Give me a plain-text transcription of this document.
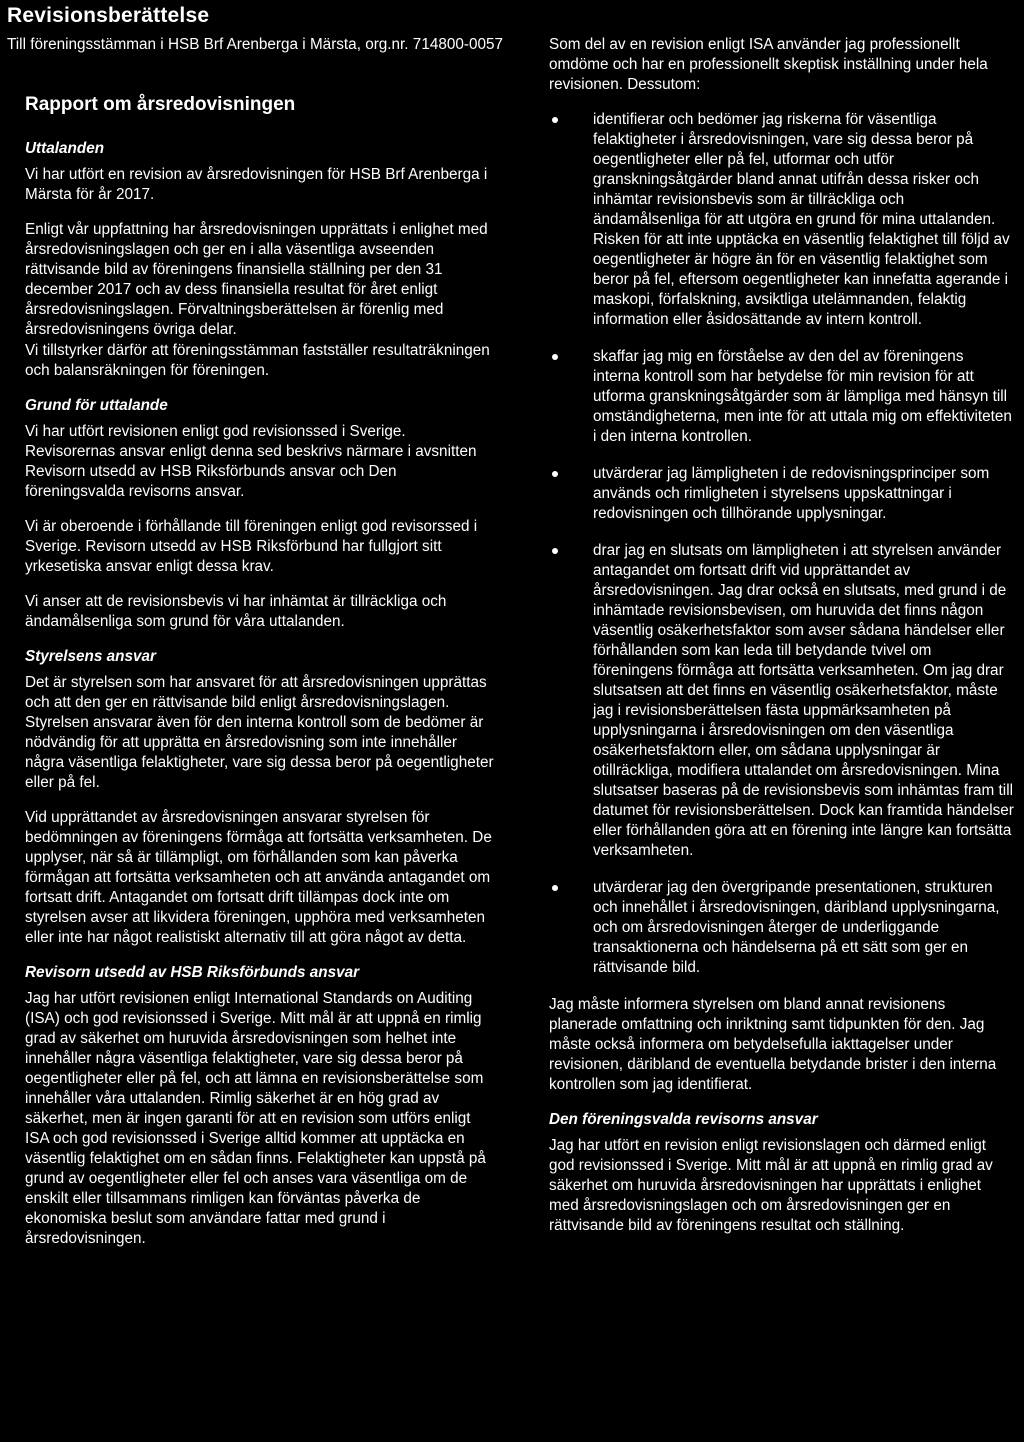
Revisionsberättelse
Till föreningsstämman i HSB Brf Arenberga i Märsta, org.nr. 714800-0057
Rapport om årsredovisningen
Uttalanden

Vi har utfört en revision av årsredovisningen för HSB Brf Arenberga i Märsta för år 2017.

Enligt vår uppfattning har årsredovisningen upprättats i enlighet med årsredovisningslagen och ger en i alla väsentliga avseenden rättvisande bild av föreningens finansiella ställning per den 31 december 2017 och av dess finansiella resultat för året enligt årsredovisningslagen. Förvaltningsberättelsen är förenlig med årsredovisningens övriga delar.

Vi tillstyrker därför att föreningsstämman fastställer resultaträkningen och balansräkningen för föreningen.

Grund för uttalande

Vi har utfört revisionen enligt god revisionssed i Sverige. Revisorernas ansvar enligt denna sed beskrivs närmare i avsnitten Revisorn utsedd av HSB Riksförbunds ansvar och Den föreningsvalda revisorns ansvar.

Vi är oberoende i förhållande till föreningen enligt god revisorssed i Sverige. Revisorn utsedd av HSB Riksförbund har fullgjort sitt yrkesetiska ansvar enligt dessa krav.

Vi anser att de revisionsbevis vi har inhämtat är tillräckliga och ändamålsenliga som grund för våra uttalanden.

Styrelsens ansvar

Det är styrelsen som har ansvaret för att årsredovisningen upprättas och att den ger en rättvisande bild enligt årsredovisningslagen. Styrelsen ansvarar även för den interna kontroll som de bedömer är nödvändig för att upprätta en årsredovisning som inte innehåller några väsentliga felaktigheter, vare sig dessa beror på oegentligheter eller på fel.

Vid upprättandet av årsredovisningen ansvarar styrelsen för bedömningen av föreningens förmåga att fortsätta verksamheten. De upplyser, när så är tillämpligt, om förhållanden som kan påverka förmågan att fortsätta verksamheten och att använda antagandet om fortsatt drift. Antagandet om fortsatt drift tillämpas dock inte om styrelsen avser att likvidera föreningen, upphöra med verksamheten eller inte har något realistiskt alternativ till att göra något av detta.

Revisorn utsedd av HSB Riksförbunds ansvar

Jag har utfört revisionen enligt International Standards on Auditing (ISA) och god revisionssed i Sverige. Mitt mål är att uppnå en rimlig grad av säkerhet om huruvida årsredovisningen som helhet inte innehåller några väsentliga felaktigheter, vare sig dessa beror på oegentligheter eller på fel, och att lämna en revisionsberättelse som innehåller våra uttalanden. Rimlig säkerhet är en hög grad av säkerhet, men är ingen garanti för att en revision som utförs enligt ISA och god revisionssed i Sverige alltid kommer att upptäcka en väsentlig felaktighet om en sådan finns. Felaktigheter kan uppstå på grund av oegentligheter eller fel och anses vara väsentliga om de enskilt eller tillsammans rimligen kan förväntas påverka de ekonomiska beslut som användare fattar med grund i årsredovisningen.

Som del av en revision enligt ISA använder jag professionellt omdöme och har en professionellt skeptisk inställning under hela revisionen. Dessutom:

identifierar och bedömer jag riskerna för väsentliga felaktigheter i årsredovisningen, vare sig dessa beror på oegentligheter eller på fel, utformar och utför granskningsåtgärder bland annat utifrån dessa risker och inhämtar revisionsbevis som är tillräckliga och ändamålsenliga för att utgöra en grund för mina uttalanden. Risken för att inte upptäcka en väsentlig felaktighet till följd av oegentligheter är högre än för en väsentlig felaktighet som beror på fel, eftersom oegentligheter kan innefatta agerande i maskopi, förfalskning, avsiktliga utelämnanden, felaktig information eller åsidosättande av intern kontroll.
skaffar jag mig en förståelse av den del av föreningens interna kontroll som har betydelse för min revision för att utforma granskningsåtgärder som är lämpliga med hänsyn till omständigheterna, men inte för att uttala mig om effektiviteten i den interna kontrollen.
utvärderar jag lämpligheten i de redovisningsprinciper som används och rimligheten i styrelsens uppskattningar i redovisningen och tillhörande upplysningar.
drar jag en slutsats om lämpligheten i att styrelsen använder antagandet om fortsatt drift vid upprättandet av årsredovisningen. Jag drar också en slutsats, med grund i de inhämtade revisionsbevisen, om huruvida det finns någon väsentlig osäkerhetsfaktor som avser sådana händelser eller förhållanden som kan leda till betydande tvivel om föreningens förmåga att fortsätta verksamheten. Om jag drar slutsatsen att det finns en väsentlig osäkerhetsfaktor, måste jag i revisionsberättelsen fästa uppmärksamheten på upplysningarna i årsredovisningen om den väsentliga osäkerhetsfaktorn eller, om sådana upplysningar är otillräckliga, modifiera uttalandet om årsredovisningen. Mina slutsatser baseras på de revisionsbevis som inhämtas fram till datumet för revisionsberättelsen. Dock kan framtida händelser eller förhållanden göra att en förening inte längre kan fortsätta verksamheten.
utvärderar jag den övergripande presentationen, strukturen och innehållet i årsredovisningen, däribland upplysningarna, och om årsredovisningen återger de underliggande transaktionerna och händelserna på ett sätt som ger en rättvisande bild.

Jag måste informera styrelsen om bland annat revisionens planerade omfattning och inriktning samt tidpunkten för den. Jag måste också informera om betydelsefulla iakttagelser under revisionen, däribland de eventuella betydande brister i den interna kontrollen som jag identifierat.

Den föreningsvalda revisorns ansvar

Jag har utfört en revision enligt revisionslagen och därmed enligt god revisionssed i Sverige. Mitt mål är att uppnå en rimlig grad av säkerhet om huruvida årsredovisningen har upprättats i enlighet med årsredovisningslagen och om årsredovisningen ger en rättvisande bild av föreningens resultat och ställning.
